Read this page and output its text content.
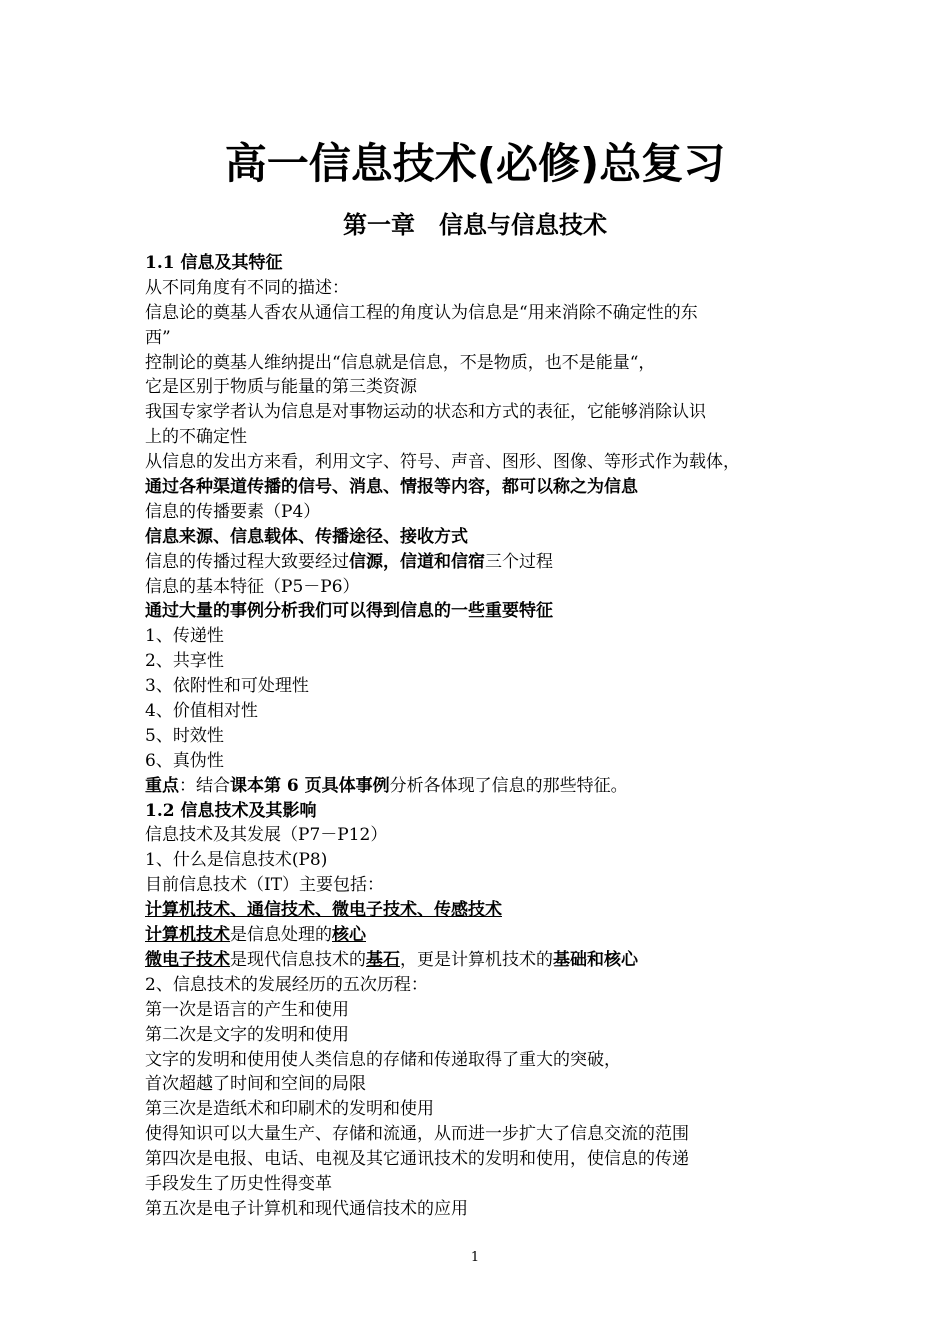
高一信息技术(必修)总复习
第一章　信息与信息技术
1.1 信息及其特征
从不同角度有不同的描述：
信息论的奠基人香农从通信工程的角度认为信息是“用来消除不确定性的东
西”
控制论的奠基人维纳提出“信息就是信息，不是物质，也不是能量“，
它是区别于物质与能量的第三类资源
我国专家学者认为信息是对事物运动的状态和方式的表征，它能够消除认识
上的不确定性
从信息的发出方来看，利用文字、符号、声音、图形、图像、等形式作为载体，
通过各种渠道传播的信号、消息、情报等内容，都可以称之为信息
信息的传播要素（P4）
信息来源、信息载体、传播途径、接收方式
信息的传播过程大致要经过信源，信道和信宿三个过程
信息的基本特征（P5－P6）
通过大量的事例分析我们可以得到信息的一些重要特征
1、传递性
2、共享性
3、依附性和可处理性
4、价值相对性
5、时效性
6、真伪性
重点：结合课本第 6 页具体事例分析各体现了信息的那些特征。
1.2 信息技术及其影响
信息技术及其发展（P7－P12）
1、什么是信息技术(P8)
目前信息技术（IT）主要包括：
计算机技术、通信技术、微电子技术、传感技术
计算机技术是信息处理的核心
微电子技术是现代信息技术的基石，更是计算机技术的基础和核心
2、信息技术的发展经历的五次历程：
第一次是语言的产生和使用
第二次是文字的发明和使用
文字的发明和使用使人类信息的存储和传递取得了重大的突破，
首次超越了时间和空间的局限
第三次是造纸术和印刷术的发明和使用
使得知识可以大量生产、存储和流通，从而进一步扩大了信息交流的范围
第四次是电报、电话、电视及其它通讯技术的发明和使用，使信息的传递
手段发生了历史性得变革
第五次是电子计算机和现代通信技术的应用
1
